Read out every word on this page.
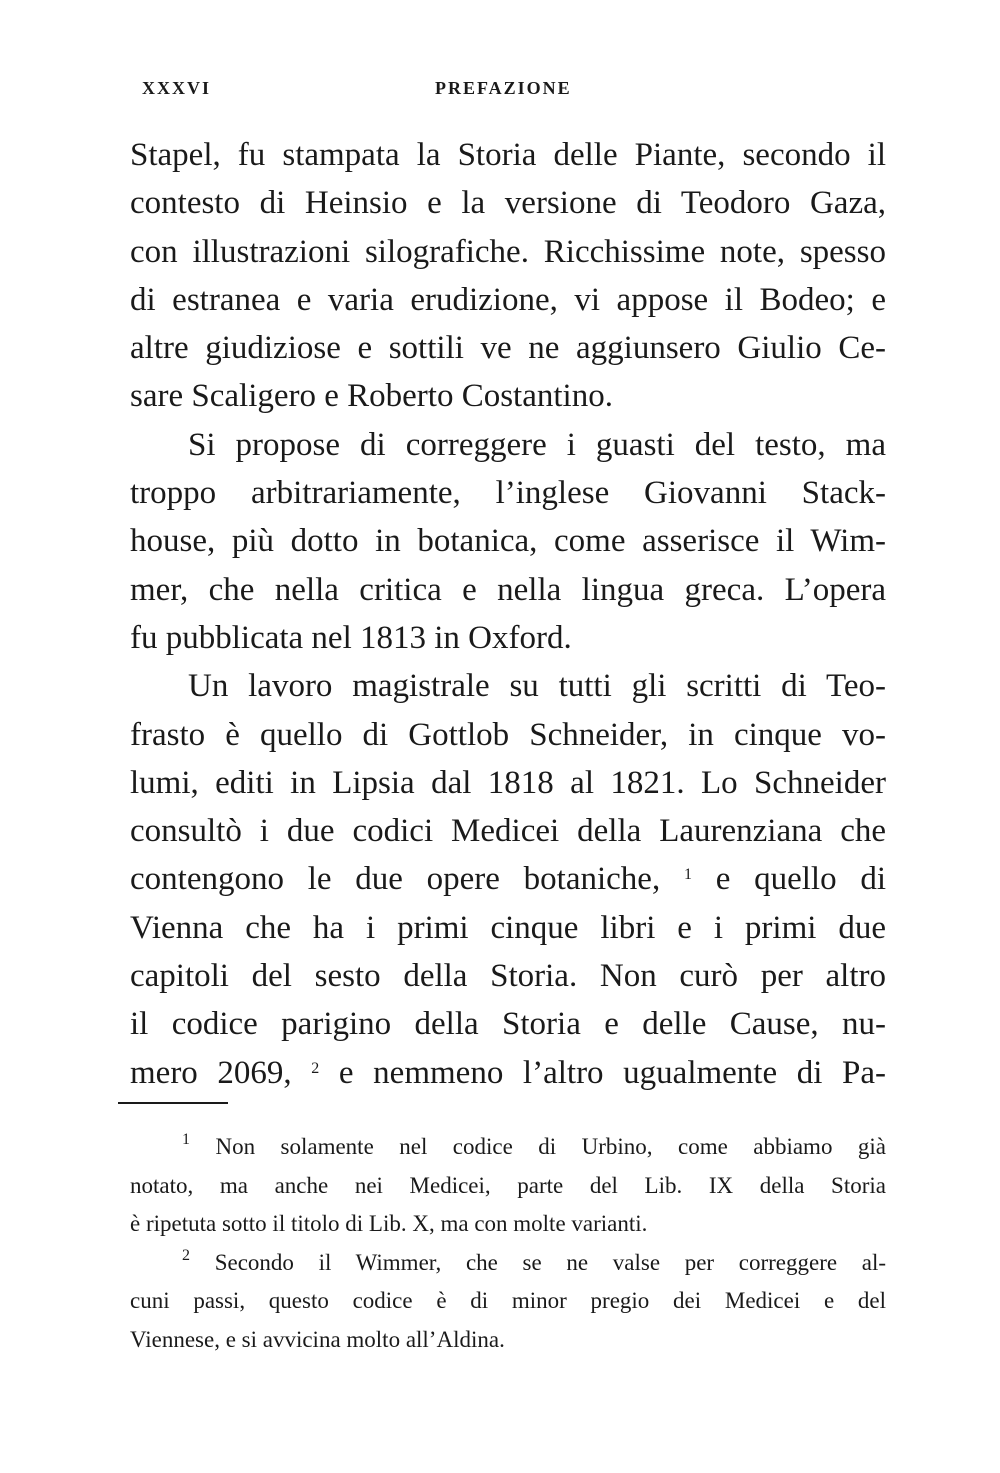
XXXVI	PREFAZIONE
Stapel, fu stampata la Storia delle Piante, secondo il
contesto di Heinsio e la versione di Teodoro Gaza,
con illustrazioni silografiche. Ricchissime note, spesso
di estranea e varia erudizione, vi appose il Bodeo; e
altre giudiziose e sottili ve ne aggiunsero Giulio Ce-
sare Scaligero e Roberto Costantino.
Si propose di correggere i guasti del testo, ma
troppo arbitrariamente, l’inglese Giovanni Stack-
house, più dotto in botanica, come asserisce il Wim-
mer, che nella critica e nella lingua greca. L’opera
fu pubblicata nel 1813 in Oxford.
Un lavoro magistrale su tutti gli scritti di Teo-
frasto è quello di Gottlob Schneider, in cinque vo-
lumi, editi in Lipsia dal 1818 al 1821. Lo Schneider
consultò i due codici Medicei della Laurenziana che
contengono le due opere botaniche, $^1$ e quello di
Vienna che ha i primi cinque libri e i primi due
capitoli del sesto della Storia. Non curò per altro
il codice parigino della Storia e delle Cause, nu-
mero 2069, $^2$ e nemmeno l’altro ugualmente di Pa-
$^1$ Non solamente nel codice di Urbino, come abbiamo già
notato, ma anche nei Medicei, parte del Lib. IX della Storia
è ripetuta sotto il titolo di Lib. X, ma con molte varianti.
$^2$ Secondo il Wimmer, che se ne valse per correggere al-
cuni passi, questo codice è di minor pregio dei Medicei e del
Viennese, e si avvicina molto all’Aldina.
